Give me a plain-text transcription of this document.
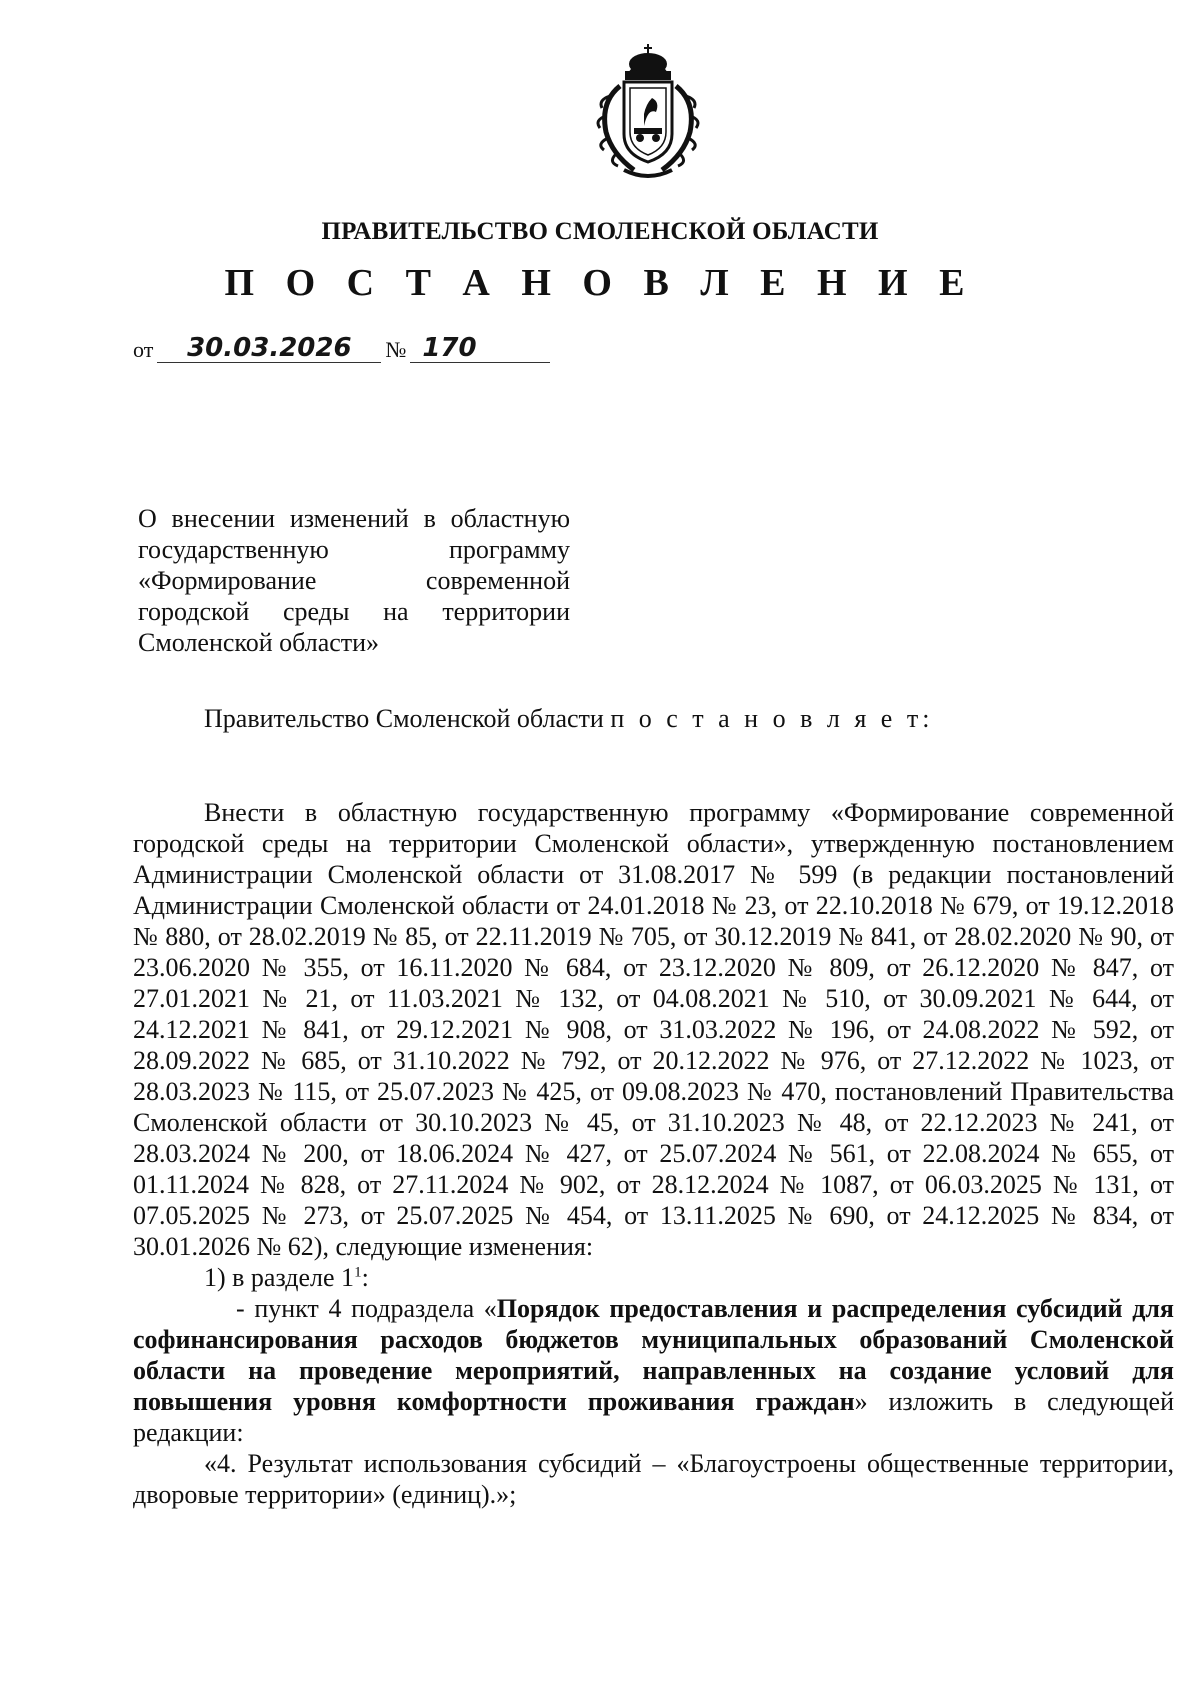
ПРАВИТЕЛЬСТВО СМОЛЕНСКОЙ ОБЛАСТИ
П О С Т А Н О В Л Е Н И Е
от	30.03.2026	№ 170
О внесении изменений в областную
государственную программу
«Формирование современной
городской среды на территории
Смоленской области»
Правительство Смоленской области п о с т а н о в л я е т:

Внести в областную государственную программу «Формирование современной городской среды на территории Смоленской области», утвержденную постановлением Администрации Смоленской области от 31.08.2017 № 599 (в редакции постановлений Администрации Смоленской области от 24.01.2018 № 23, от 22.10.2018 № 679, от 19.12.2018 № 880, от 28.02.2019 № 85, от 22.11.2019 № 705, от 30.12.2019 № 841, от 28.02.2020 № 90, от 23.06.2020 № 355, от 16.11.2020 № 684, от 23.12.2020 № 809, от 26.12.2020 № 847, от 27.01.2021 № 21, от 11.03.2021 № 132, от 04.08.2021 № 510, от 30.09.2021 № 644, от 24.12.2021 № 841, от 29.12.2021 № 908, от 31.03.2022 № 196, от 24.08.2022 № 592, от 28.09.2022 № 685, от 31.10.2022 № 792, от 20.12.2022 № 976, от 27.12.2022 № 1023, от 28.03.2023 № 115, от 25.07.2023 № 425, от 09.08.2023 № 470, постановлений Правительства Смоленской области от 30.10.2023 № 45, от 31.10.2023 № 48, от 22.12.2023 № 241, от 28.03.2024 № 200, от 18.06.2024 № 427, от 25.07.2024 № 561, от 22.08.2024 № 655, от 01.11.2024 № 828, от 27.11.2024 № 902, от 28.12.2024 № 1087, от 06.03.2025 № 131, от 07.05.2025 № 273, от 25.07.2025 № 454, от 13.11.2025 № 690, от 24.12.2025 № 834, от 30.01.2026 № 62), следующие изменения:

1) в разделе $1^1$:

- пункт 4 подраздела «Порядок предоставления и распределения субсидий для софинансирования расходов бюджетов муниципальных образований Смоленской области на проведение мероприятий, направленных на создание условий для повышения уровня комфортности проживания граждан» изложить в следующей редакции:

«4. Результат использования субсидий – «Благоустроены общественные территории, дворовые территории» (единиц).»;
